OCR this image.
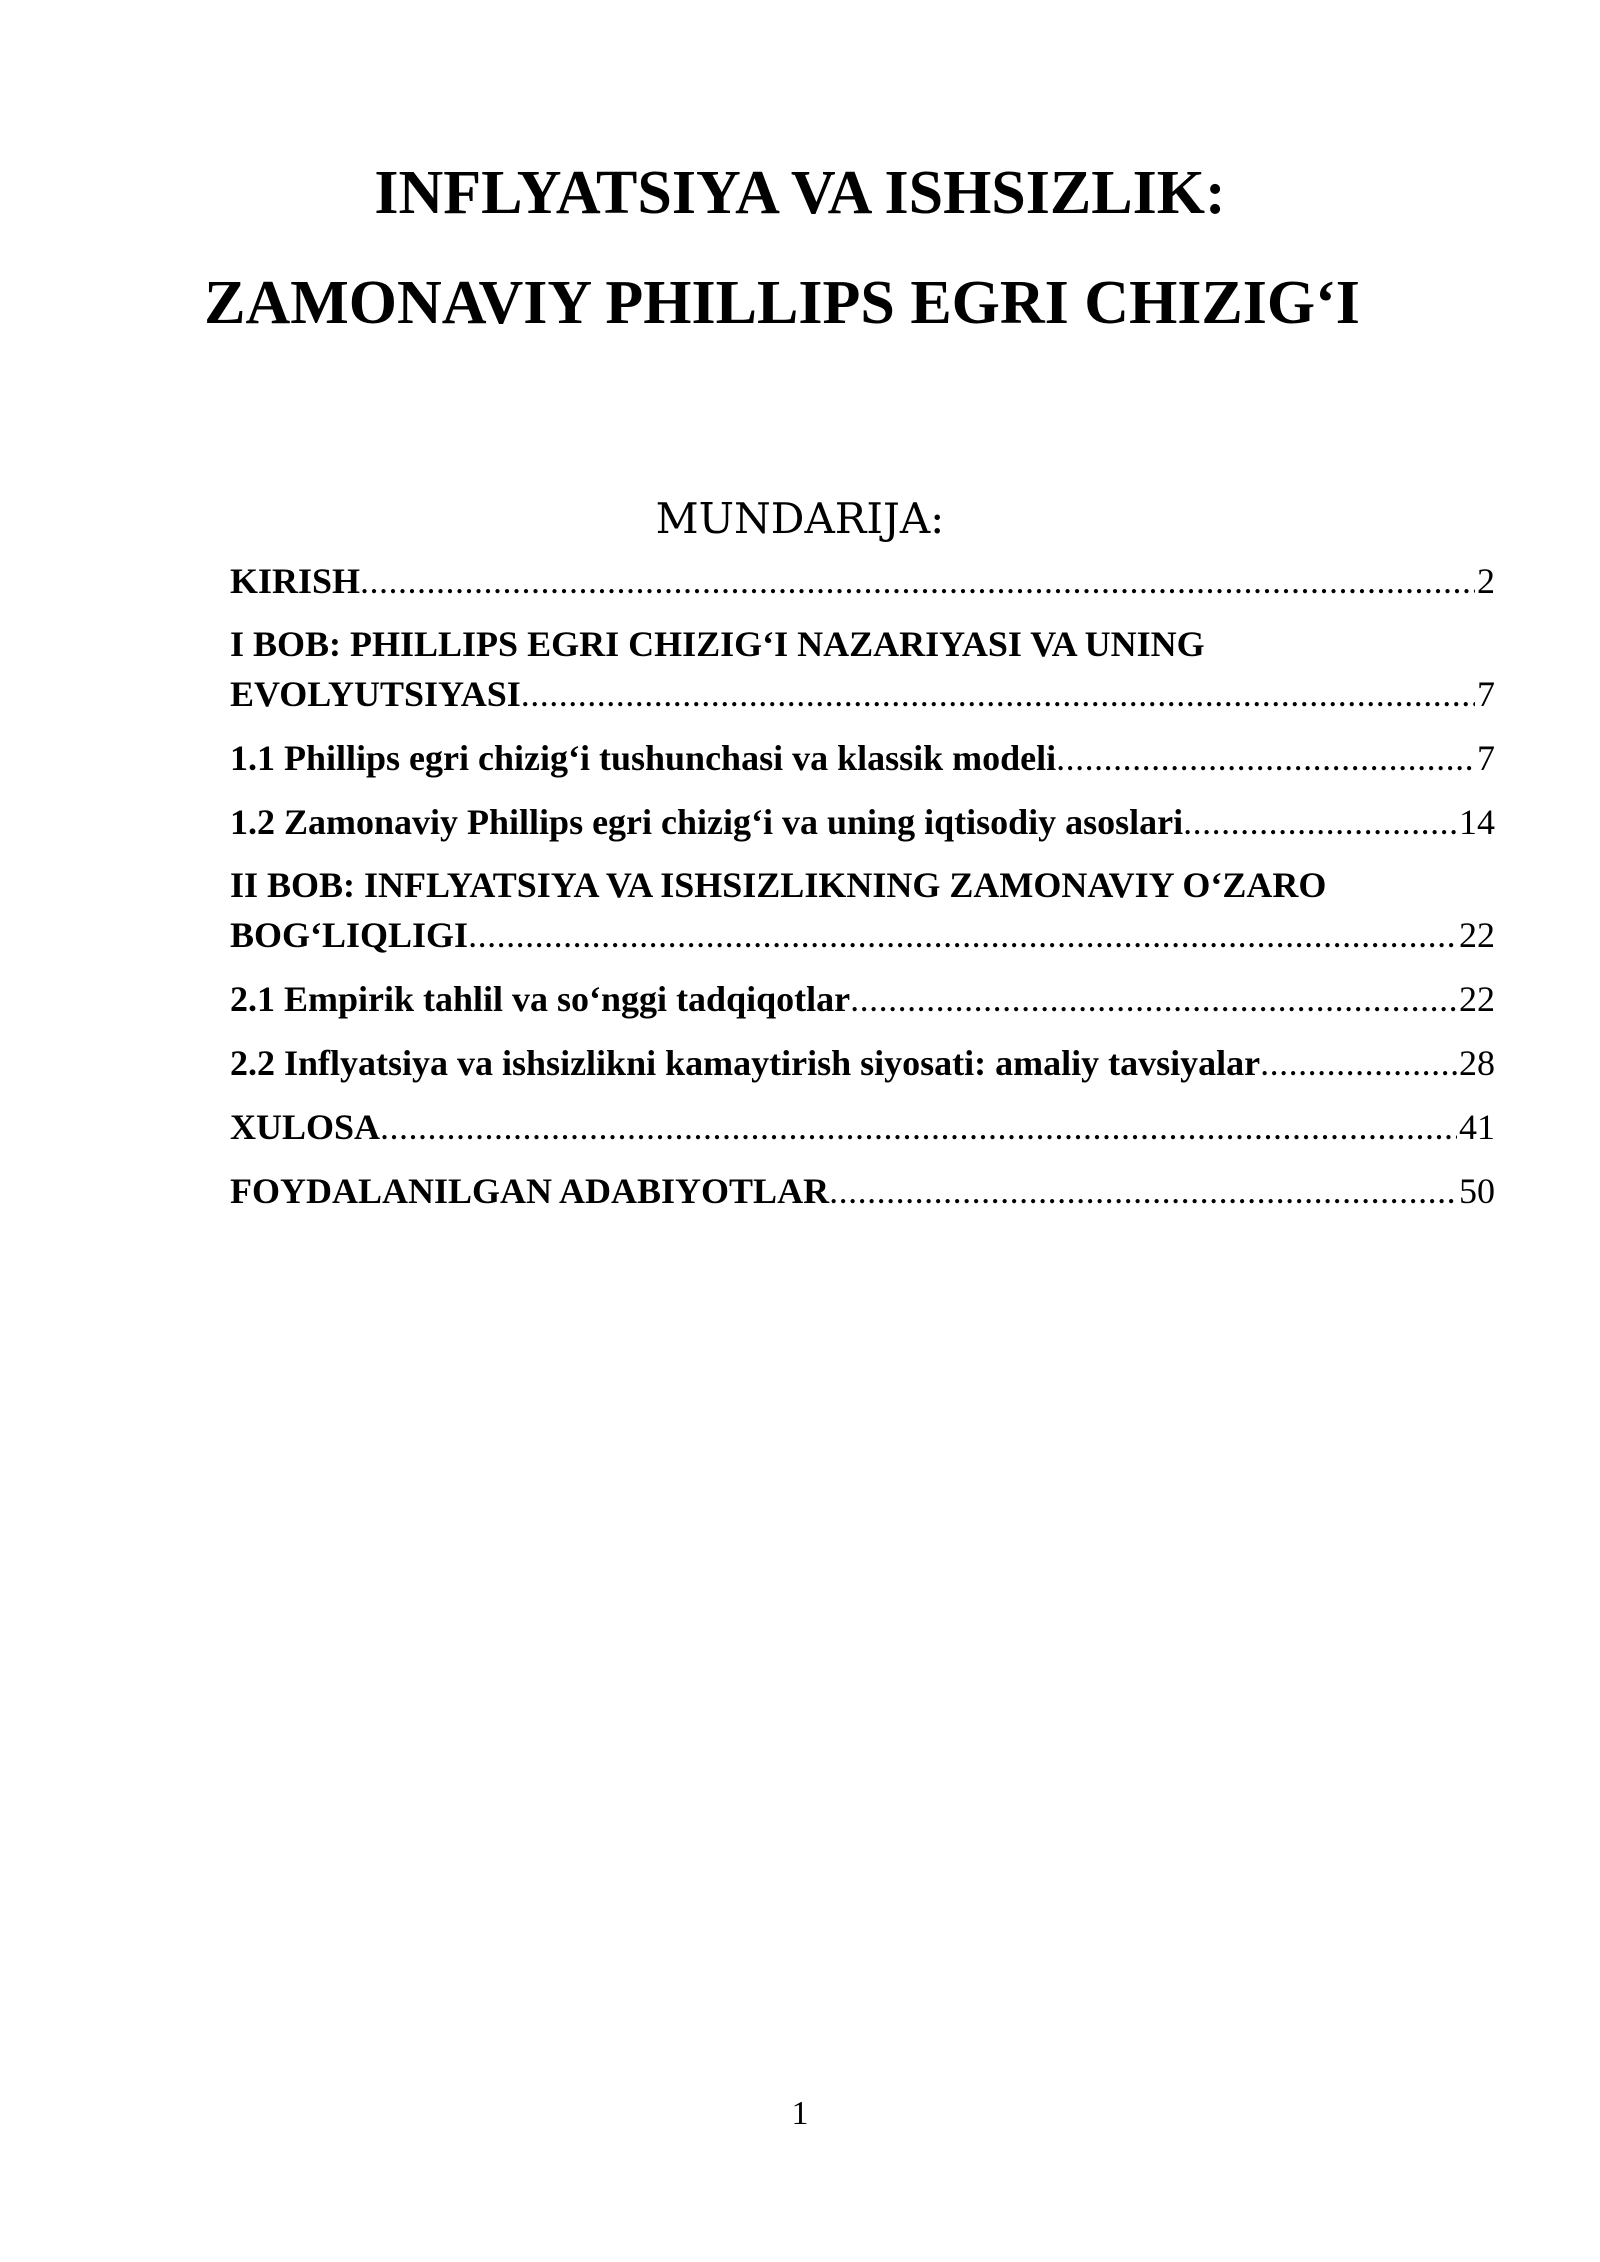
INFLYATSIYA VA ISHSIZLIK:
ZAMONAVIY PHILLIPS EGRI CHIZIG‘I
MUNDARIJA:
KIRISH .....	2
I BOB: PHILLIPS EGRI CHIZIG‘I NAZARIYASI VA UNING
EVOLYUTSIYASI .....	7
1.1 Phillips egri chizig‘i tushunchasi va klassik modeli .....	7
1.2 Zamonaviy Phillips egri chizig‘i va uning iqtisodiy asoslari .....	14
II BOB: INFLYATSIYA VA ISHSIZLIKNING ZAMONAVIY O‘ZARO
BOG‘LIQLIGI .....	22
2.1 Empirik tahlil va so‘nggi tadqiqotlar .....	22
2.2 Inflyatsiya va ishsizlikni kamaytirish siyosati: amaliy tavsiyalar .....	28
XULOSA .....	41
FOYDALANILGAN ADABIYOTLAR .....	50
1
